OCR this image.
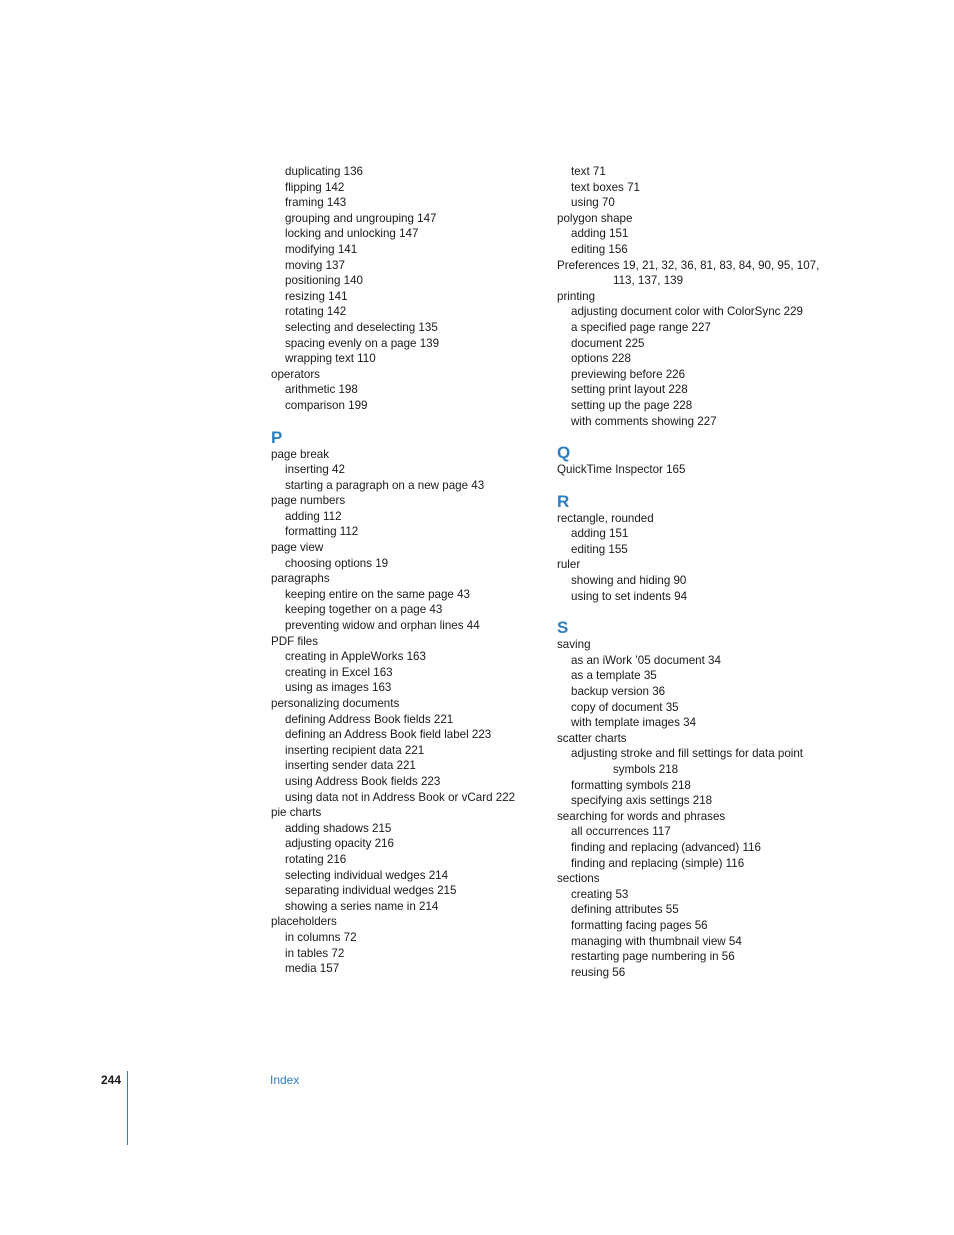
duplicating 136
flipping 142
framing 143
grouping and ungrouping 147
locking and unlocking 147
modifying 141
moving 137
positioning 140
resizing 141
rotating 142
selecting and deselecting 135
spacing evenly on a page 139
wrapping text 110
operators
arithmetic 198
comparison 199
P
page break
inserting 42
starting a paragraph on a new page 43
page numbers
adding 112
formatting 112
page view
choosing options 19
paragraphs
keeping entire on the same page 43
keeping together on a page 43
preventing widow and orphan lines 44
PDF files
creating in AppleWorks 163
creating in Excel 163
using as images 163
personalizing documents
defining Address Book fields 221
defining an Address Book field label 223
inserting recipient data 221
inserting sender data 221
using Address Book fields 223
using data not in Address Book or vCard 222
pie charts
adding shadows 215
adjusting opacity 216
rotating 216
selecting individual wedges 214
separating individual wedges 215
showing a series name in 214
placeholders
in columns 72
in tables 72
media 157
text 71
text boxes 71
using 70
polygon shape
adding 151
editing 156
Preferences 19, 21, 32, 36, 81, 83, 84, 90, 95, 107, 113, 137, 139
printing
adjusting document color with ColorSync 229
a specified page range 227
document 225
options 228
previewing before 226
setting print layout 228
setting up the page 228
with comments showing 227
Q
QuickTime Inspector 165
R
rectangle, rounded
adding 151
editing 155
ruler
showing and hiding 90
using to set indents 94
S
saving
as an iWork ’05 document 34
as a template 35
backup version 36
copy of document 35
with template images 34
scatter charts
adjusting stroke and fill settings for data point symbols 218
formatting symbols 218
specifying axis settings 218
searching for words and phrases
all occurrences 117
finding and replacing (advanced) 116
finding and replacing (simple) 116
sections
creating 53
defining attributes 55
formatting facing pages 56
managing with thumbnail view 54
restarting page numbering in 56
reusing 56
244	Index
